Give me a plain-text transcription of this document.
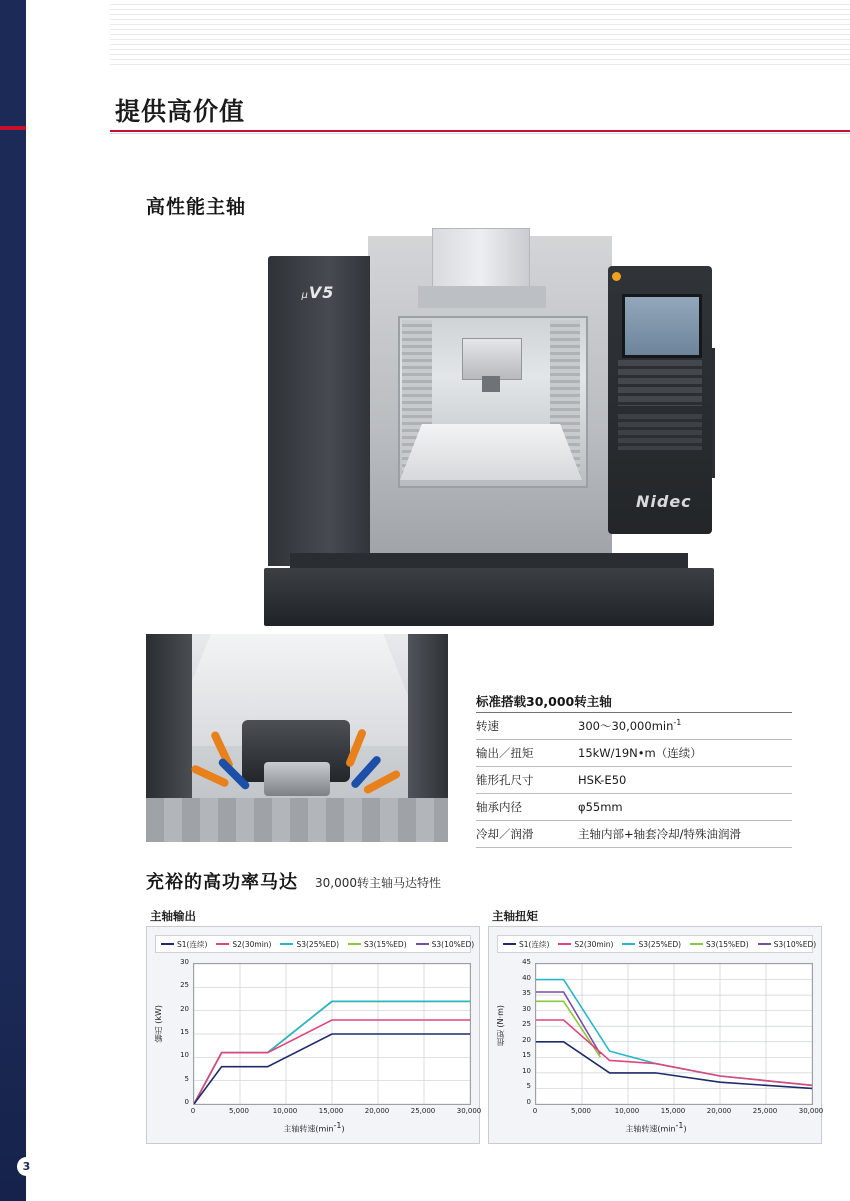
提供高价值
高性能主轴
μV5
Nidec
标准搭载30,000转主轴
转速	$300\sim 30,000\min^{-1}$
输出／扭矩	15kW/19N•m（连续）
锥形孔尺寸	HSK-E50
轴承内径	φ55mm
冷却／润滑	主轴内部+轴套冷却/特殊油润滑
充裕的高功率马达 30,000转主轴马达特性
主轴输出	主轴扭矩
S1(连续)	S2(30min)	S3(25%ED)	S3(15%ED)	S3(10%ED)
0
5
10
15
20
25
30
0	5,000	10,000	15,000	20,000	25,000	30,000
输出 (kW)
主轴转速$(\min^{-1})$
S1(连续)	S2(30min)	S3(25%ED)	S3(15%ED)	S3(10%ED)
0
5
10
15
20
25
30
35
40
45
0	5,000	10,000	15,000	20,000	25,000	30,000
扭矩 (N·m)
主轴转速$(\min^{-1})$
3
